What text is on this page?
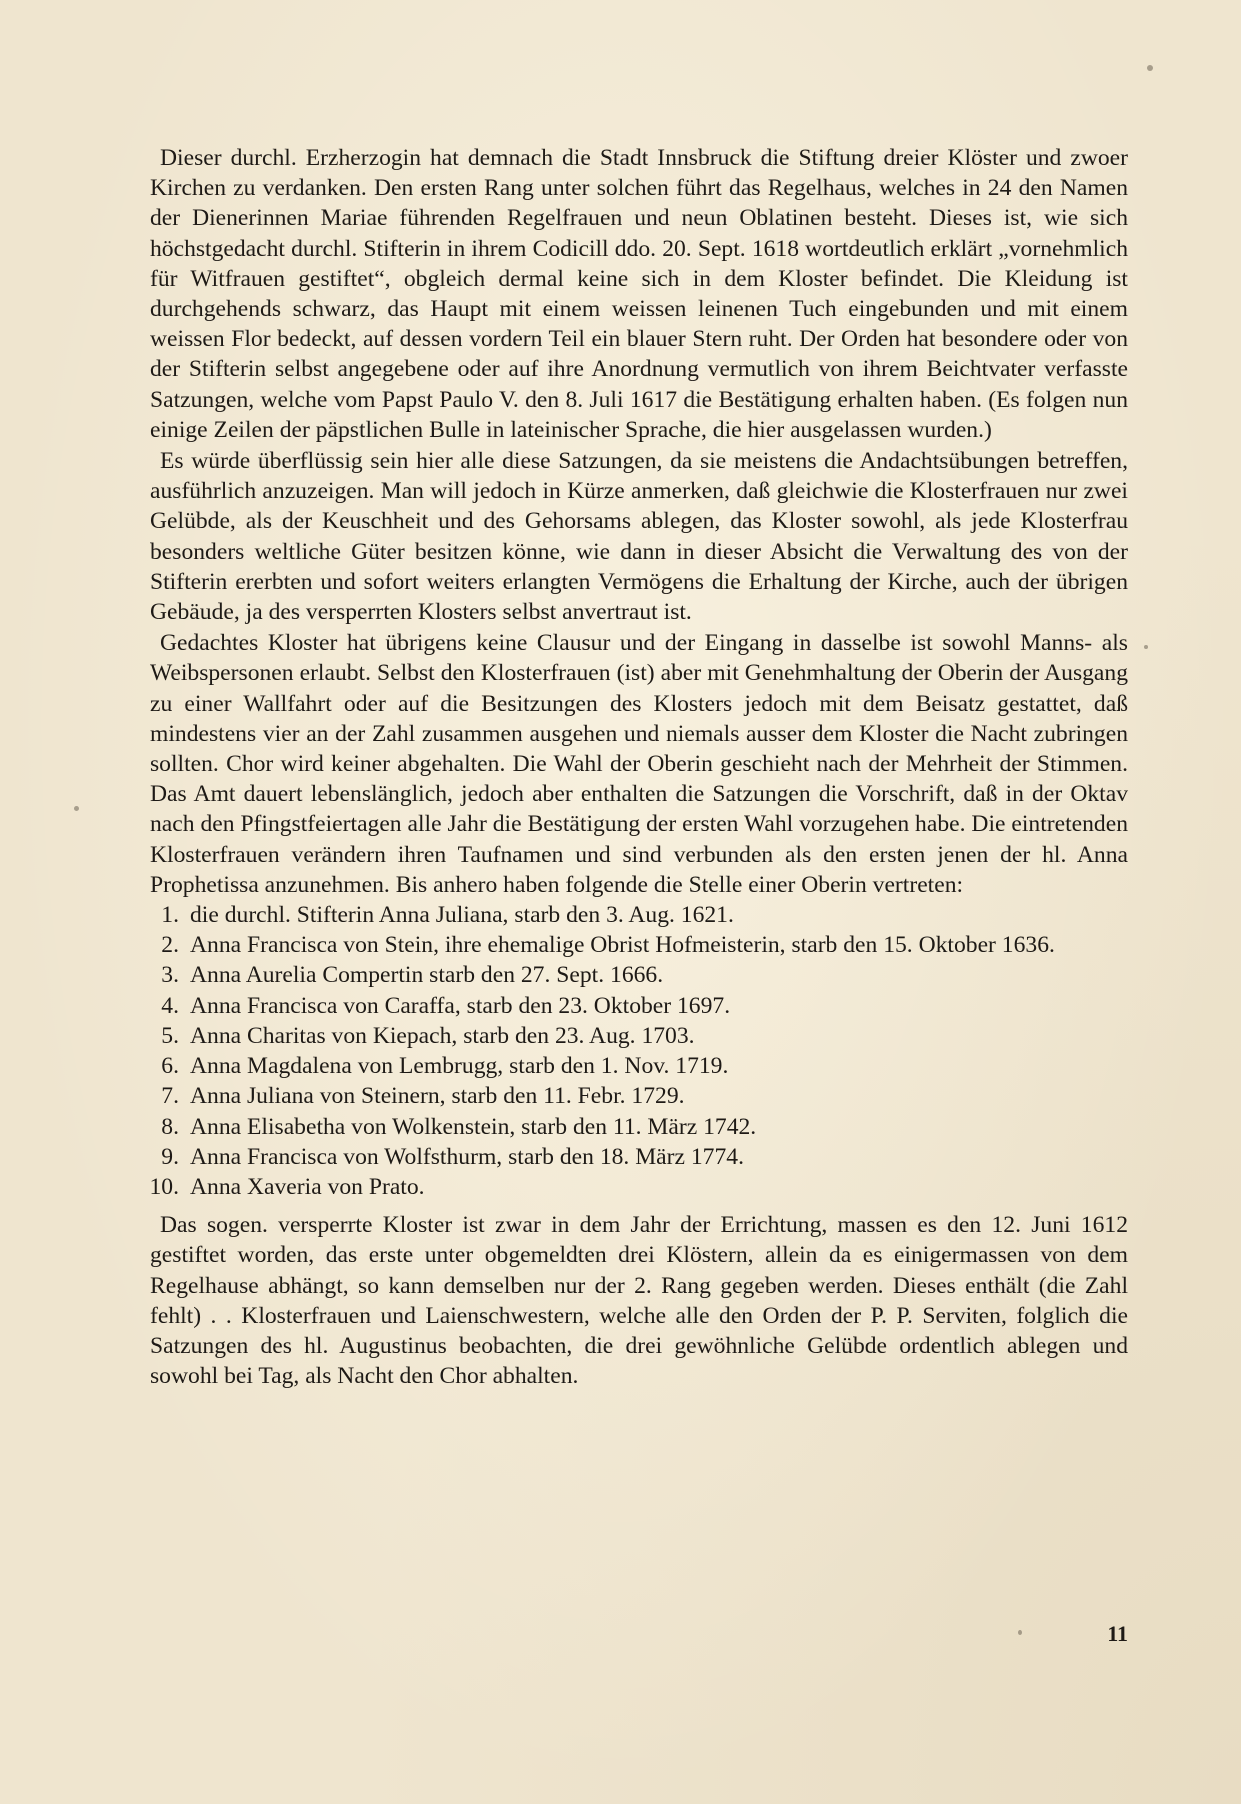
Dieser durchl. Erzherzogin hat demnach die Stadt Innsbruck die Stiftung dreier Klöster und zwoer Kirchen zu verdanken. Den ersten Rang unter solchen führt das Regelhaus, welches in 24 den Namen der Dienerinnen Mariae führenden Regelfrauen und neun Oblatinen besteht. Dieses ist, wie sich höchstgedacht durchl. Stifterin in ihrem Codicill ddo. 20. Sept. 1618 wortdeutlich erklärt „vornehmlich für Witfrauen gestiftet“, obgleich dermal keine sich in dem Kloster befindet. Die Kleidung ist durchgehends schwarz, das Haupt mit einem weissen leinenen Tuch eingebunden und mit einem weissen Flor bedeckt, auf dessen vordern Teil ein blauer Stern ruht. Der Orden hat besondere oder von der Stifterin selbst angegebene oder auf ihre Anordnung vermutlich von ihrem Beichtvater verfasste Satzungen, welche vom Papst Paulo V. den 8. Juli 1617 die Bestätigung erhalten haben. (Es folgen nun einige Zeilen der päpstlichen Bulle in lateinischer Sprache, die hier ausgelassen wurden.)

Es würde überflüssig sein hier alle diese Satzungen, da sie meistens die Andachtsübungen betreffen, ausführlich anzuzeigen. Man will jedoch in Kürze anmerken, daß gleichwie die Klosterfrauen nur zwei Gelübde, als der Keuschheit und des Gehorsams ablegen, das Kloster sowohl, als jede Klosterfrau besonders weltliche Güter besitzen könne, wie dann in dieser Absicht die Verwaltung des von der Stifterin ererbten und sofort weiters erlangten Vermögens die Erhaltung der Kirche, auch der übrigen Gebäude, ja des versperrten Klosters selbst anvertraut ist.

Gedachtes Kloster hat übrigens keine Clausur und der Eingang in dasselbe ist sowohl Manns- als Weibspersonen erlaubt. Selbst den Klosterfrauen (ist) aber mit Genehmhaltung der Oberin der Ausgang zu einer Wallfahrt oder auf die Besitzungen des Klosters jedoch mit dem Beisatz gestattet, daß mindestens vier an der Zahl zusammen ausgehen und niemals ausser dem Kloster die Nacht zubringen sollten. Chor wird keiner abgehalten. Die Wahl der Oberin geschieht nach der Mehrheit der Stimmen. Das Amt dauert lebenslänglich, jedoch aber enthalten die Satzungen die Vorschrift, daß in der Oktav nach den Pfingstfeiertagen alle Jahr die Bestätigung der ersten Wahl vorzugehen habe. Die eintretenden Klosterfrauen verändern ihren Taufnamen und sind verbunden als den ersten jenen der hl. Anna Prophetissa anzunehmen. Bis anhero haben folgende die Stelle einer Oberin vertreten:

1. die durchl. Stifterin Anna Juliana, starb den 3. Aug. 1621.
2. Anna Francisca von Stein, ihre ehemalige Obrist Hofmeisterin, starb den 15. Oktober 1636.
3. Anna Aurelia Compertin starb den 27. Sept. 1666.
4. Anna Francisca von Caraffa, starb den 23. Oktober 1697.
5. Anna Charitas von Kiepach, starb den 23. Aug. 1703.
6. Anna Magdalena von Lembrugg, starb den 1. Nov. 1719.
7. Anna Juliana von Steinern, starb den 11. Febr. 1729.
8. Anna Elisabetha von Wolkenstein, starb den 11. März 1742.
9. Anna Francisca von Wolfsthurm, starb den 18. März 1774.
10. Anna Xaveria von Prato.

Das sogen. versperrte Kloster ist zwar in dem Jahr der Errichtung, massen es den 12. Juni 1612 gestiftet worden, das erste unter obgemeldten drei Klöstern, allein da es einigermassen von dem Regelhause abhängt, so kann demselben nur der 2. Rang gegeben werden. Dieses enthält (die Zahl fehlt) . . Klosterfrauen und Laienschwestern, welche alle den Orden der P. P. Serviten, folglich die Satzungen des hl. Augustinus beobachten, die drei gewöhnliche Gelübde ordentlich ablegen und sowohl bei Tag, als Nacht den Chor abhalten.

11
